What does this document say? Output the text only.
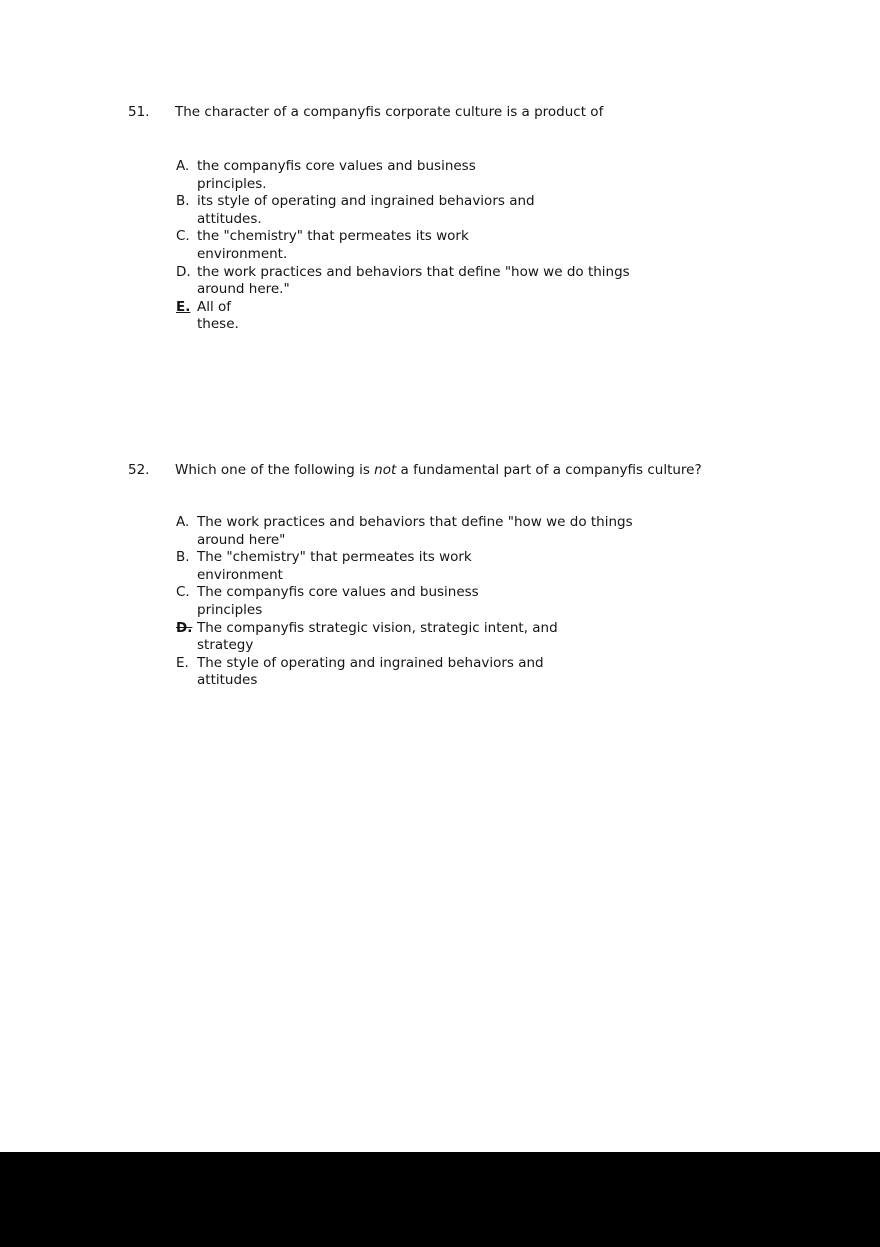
51.	The character of a companyfis corporate culture is a product of
A. the companyfis core values and business
principles.
B. its style of operating and ingrained behaviors and
attitudes.
C. the "chemistry" that permeates its work
environment.
D. the work practices and behaviors that define "how we do things
around here."
E. All of
these.
52.	Which one of the following is not a fundamental part of a companyfis culture?
A. The work practices and behaviors that define "how we do things
around here"
B. The "chemistry" that permeates its work
environment
C. The companyfis core values and business
principles
D. The companyfis strategic vision, strategic intent, and
strategy
E. The style of operating and ingrained behaviors and
attitudes
